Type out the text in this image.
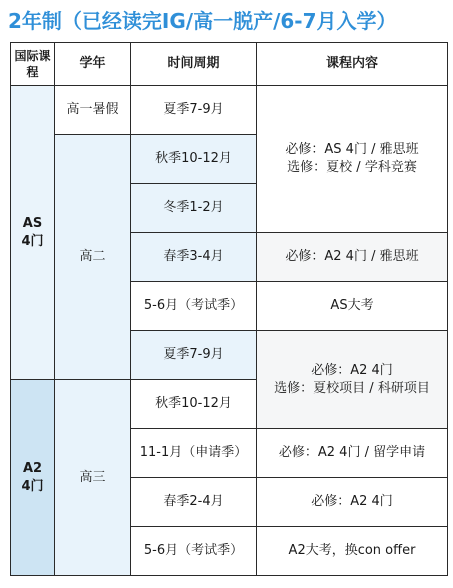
2年制（已经读完IG/高一脱产/6-7月入学）
国际课程	学年	时间周期	课程内容

AS
4门	高一暑假	夏季7-9月	必修：AS 4门 / 雅思班
选修：夏校 / 学科竞赛

	高二	秋季10-12月	
		冬季1-2月	
		春季3-4月	必修：A2 4门 / 雅思班
		5-6月（考试季）	AS大考
		夏季7-9月	必修：A2 4门
选修：夏校项目 / 科研项目

A2
4门	高三	秋季10-12月	
		11-1月（申请季）	必修：A2 4门 / 留学申请
		春季2-4月	必修：A2 4门
		5-6月（考试季）	A2大考，换con offer
